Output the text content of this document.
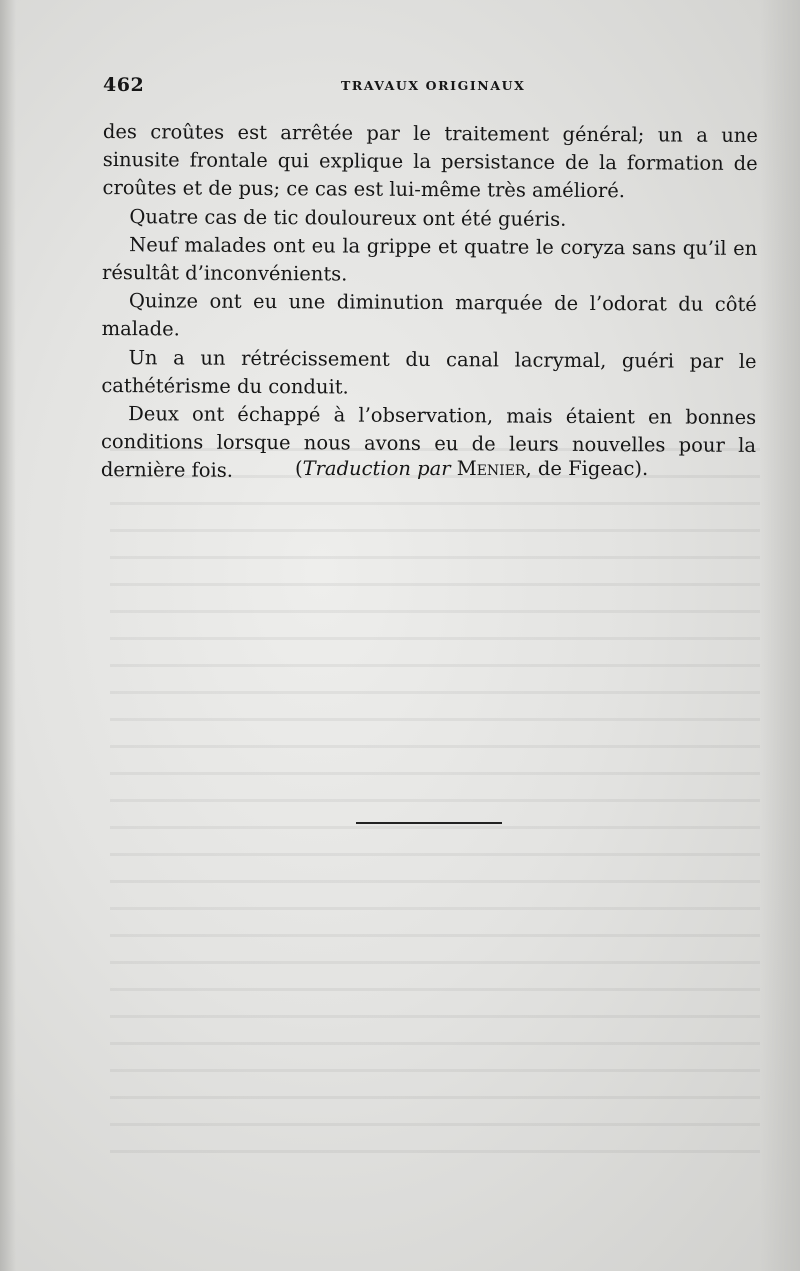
462	TRAVAUX ORIGINAUX

des croûtes est arrêtée par le traitement général; un a une sinusite frontale qui explique la persistance de la formation de croûtes et de pus; ce cas est lui-même très amélioré.

Quatre cas de tic douloureux ont été guéris.

Neuf malades ont eu la grippe et quatre le coryza sans qu’il en résultât d’inconvénients.

Quinze ont eu une diminution marquée de l’odorat du côté malade.

Un a un rétrécissement du canal lacrymal, guéri par le cathétérisme du conduit.

Deux ont échappé à l’observation, mais étaient en bonnes conditions lorsque nous avons eu de leurs nouvelles pour la dernière fois.	(Traduction par Menier, de Figeac).
